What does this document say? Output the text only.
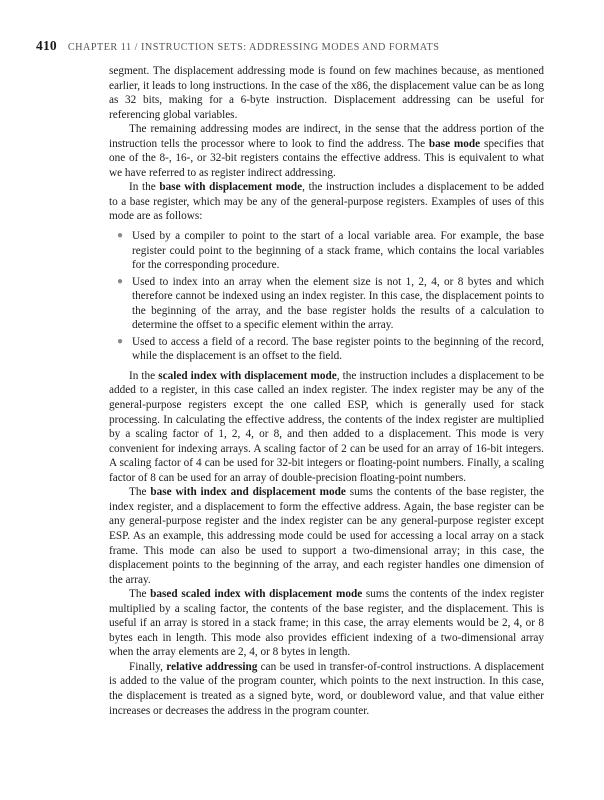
410 CHAPTER 11 / INSTRUCTION SETS: ADDRESSING MODES AND FORMATS

segment. The displacement addressing mode is found on few machines because, as mentioned earlier, it leads to long instructions. In the case of the x86, the displacement value can be as long as 32 bits, making for a 6-byte instruction. Displacement addressing can be useful for referencing global variables.

The remaining addressing modes are indirect, in the sense that the address portion of the instruction tells the processor where to look to find the address. The base mode specifies that one of the 8-, 16-, or 32-bit registers contains the effective address. This is equivalent to what we have referred to as register indirect addressing.

In the base with displacement mode, the instruction includes a displacement to be added to a base register, which may be any of the general-purpose registers. Examples of uses of this mode are as follows:

● Used by a compiler to point to the start of a local variable area. For example, the base register could point to the beginning of a stack frame, which contains the local variables for the corresponding procedure.
● Used to index into an array when the element size is not 1, 2, 4, or 8 bytes and which therefore cannot be indexed using an index register. In this case, the displacement points to the beginning of the array, and the base register holds the results of a calculation to determine the offset to a specific element within the array.
● Used to access a field of a record. The base register points to the beginning of the record, while the displacement is an offset to the field.

In the scaled index with displacement mode, the instruction includes a displacement to be added to a register, in this case called an index register. The index register may be any of the general-purpose registers except the one called ESP, which is generally used for stack processing. In calculating the effective address, the contents of the index register are multiplied by a scaling factor of 1, 2, 4, or 8, and then added to a displacement. This mode is very convenient for indexing arrays. A scaling factor of 2 can be used for an array of 16-bit integers. A scaling factor of 4 can be used for 32-bit integers or floating-point numbers. Finally, a scaling factor of 8 can be used for an array of double-precision floating-point numbers.

The base with index and displacement mode sums the contents of the base register, the index register, and a displacement to form the effective address. Again, the base register can be any general-purpose register and the index register can be any general-purpose register except ESP. As an example, this addressing mode could be used for accessing a local array on a stack frame. This mode can also be used to support a two-dimensional array; in this case, the displacement points to the beginning of the array, and each register handles one dimension of the array.

The based scaled index with displacement mode sums the contents of the index register multiplied by a scaling factor, the contents of the base register, and the displacement. This is useful if an array is stored in a stack frame; in this case, the array elements would be 2, 4, or 8 bytes each in length. This mode also provides efficient indexing of a two-dimensional array when the array elements are 2, 4, or 8 bytes in length.

Finally, relative addressing can be used in transfer-of-control instructions. A displacement is added to the value of the program counter, which points to the next instruction. In this case, the displacement is treated as a signed byte, word, or doubleword value, and that value either increases or decreases the address in the program counter.
